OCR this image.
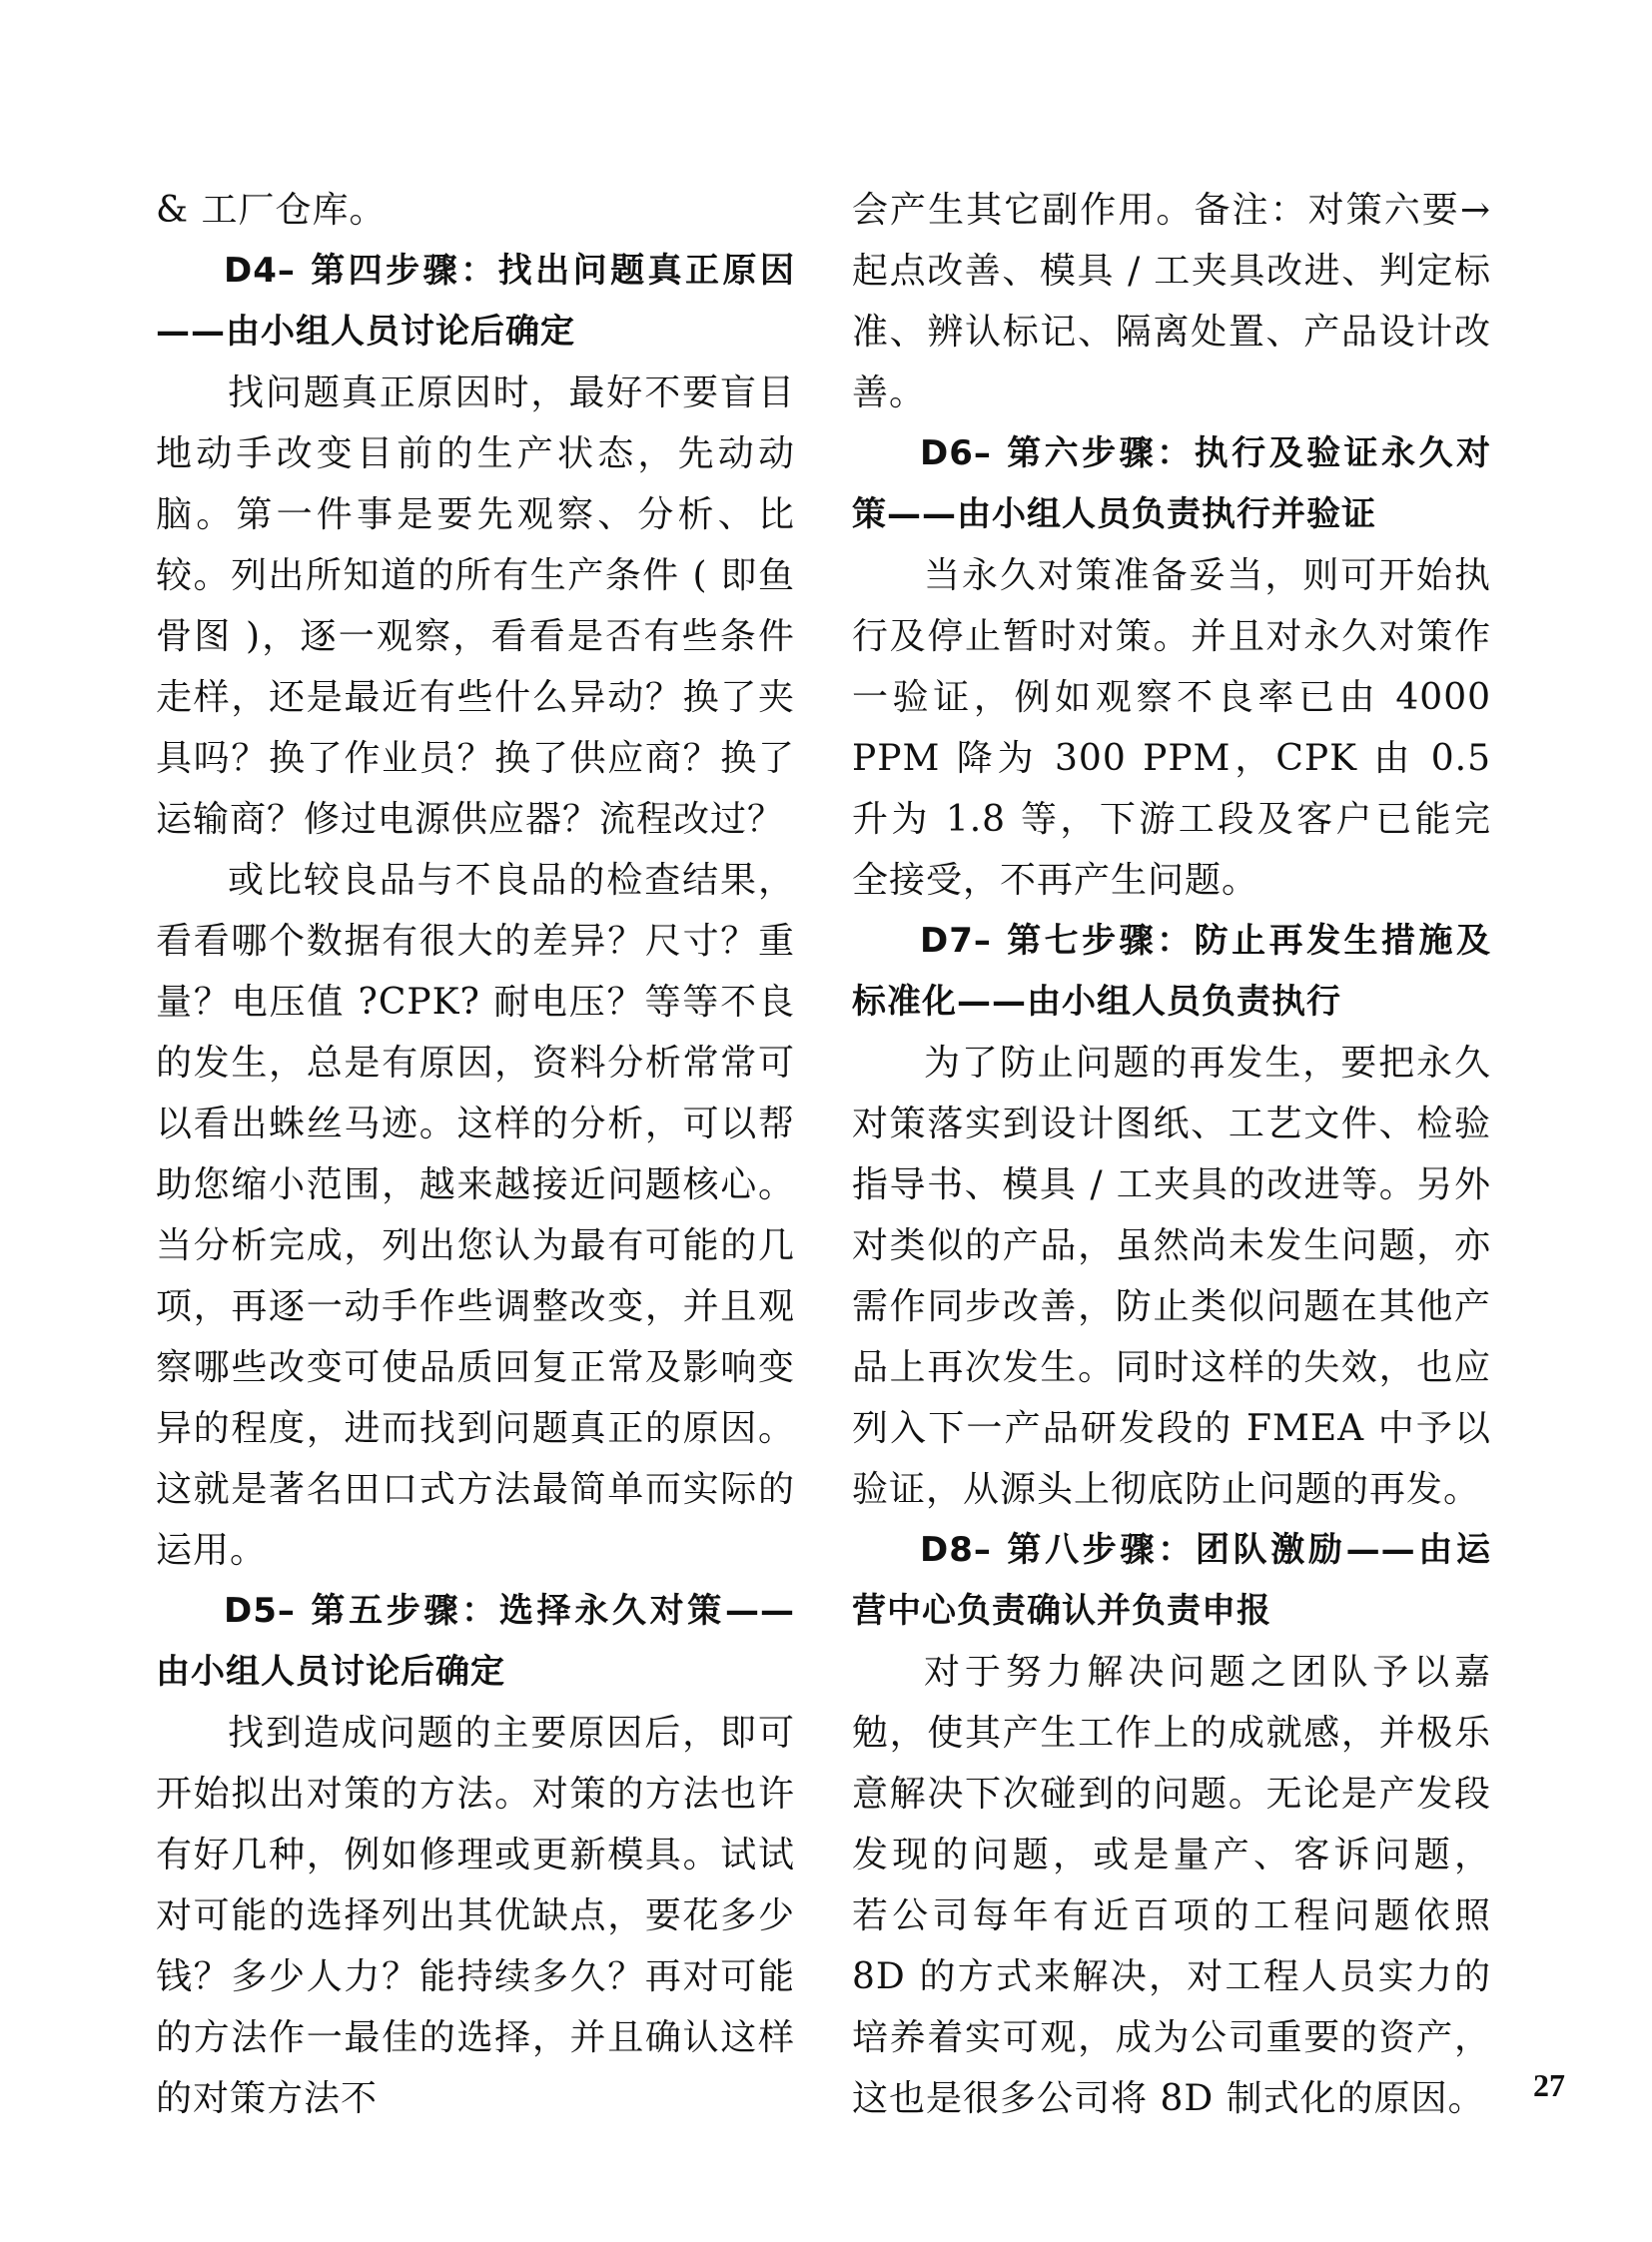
& 工厂仓库。

D4– 第四步骤：找出问题真正原因——由小组人员讨论后确定

找问题真正原因时，最好不要盲目地动手改变目前的生产状态，先动动脑。第一件事是要先观察、分析、比较。列出所知道的所有生产条件 ( 即鱼骨图 )，逐一观察，看看是否有些条件走样，还是最近有些什么异动？换了夹具吗？换了作业员？换了供应商？换了运输商？修过电源供应器？流程改过？

或比较良品与不良品的检查结果，看看哪个数据有很大的差异？尺寸？重量？电压值 ?CPK? 耐电压？等等不良的发生，总是有原因，资料分析常常可以看出蛛丝马迹。这样的分析，可以帮助您缩小范围，越来越接近问题核心。当分析完成，列出您认为最有可能的几项，再逐一动手作些调整改变，并且观察哪些改变可使品质回复正常及影响变异的程度，进而找到问题真正的原因。这就是著名田口式方法最简单而实际的运用。

D5– 第五步骤：选择永久对策——由小组人员讨论后确定

找到造成问题的主要原因后，即可开始拟出对策的方法。对策的方法也许有好几种，例如修理或更新模具。试试对可能的选择列出其优缺点，要花多少钱？多少人力？能持续多久？再对可能的方法作一最佳的选择，并且确认这样的对策方法不

会产生其它副作用。备注：对策六要→起点改善、模具 / 工夹具改进、判定标准、辨认标记、隔离处置、产品设计改善。

D6– 第六步骤：执行及验证永久对策——由小组人员负责执行并验证

当永久对策准备妥当，则可开始执行及停止暂时对策。并且对永久对策作一验证，例如观察不良率已由 4000 PPM 降为 300 PPM，CPK 由 0.5 升为 1.8 等，下游工段及客户已能完全接受，不再产生问题。

D7– 第七步骤：防止再发生措施及标准化——由小组人员负责执行

为了防止问题的再发生，要把永久对策落实到设计图纸、工艺文件、检验指导书、模具 / 工夹具的改进等。另外对类似的产品，虽然尚未发生问题，亦需作同步改善，防止类似问题在其他产品上再次发生。同时这样的失效，也应列入下一产品研发段的 FMEA 中予以验证，从源头上彻底防止问题的再发。

D8– 第八步骤：团队激励——由运营中心负责确认并负责申报

对于努力解决问题之团队予以嘉勉，使其产生工作上的成就感，并极乐意解决下次碰到的问题。无论是产发段发现的问题，或是量产、客诉问题， 若公司每年有近百项的工程问题依照 8D 的方式来解决，对工程人员实力的培养着实可观，成为公司重要的资产，这也是很多公司将 8D 制式化的原因。 27
